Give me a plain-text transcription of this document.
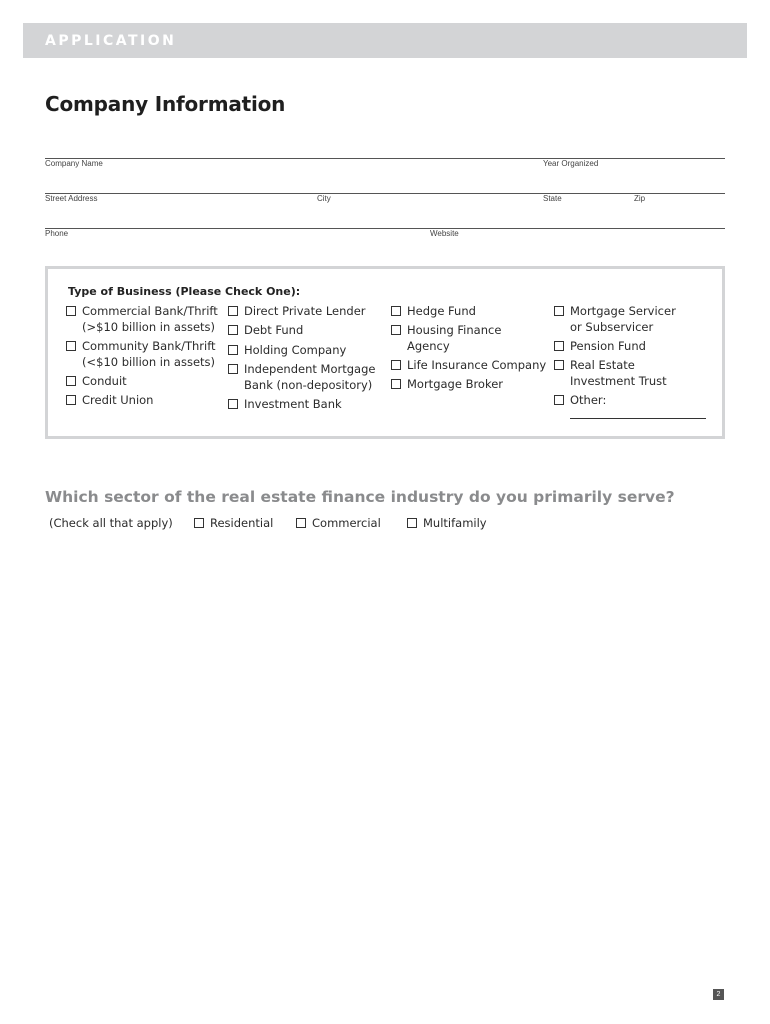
APPLICATION
Company Information
Company Name	Year Organized
Street Address	City	State	Zip
Phone	Website
Type of Business (Please Check One):
Commercial Bank/Thrift
(>$10 billion in assets)
Community Bank/Thrift
(<$10 billion in assets)
Conduit
Credit Union
Direct Private Lender
Debt Fund
Holding Company
Independent Mortgage
Bank (non-depository)
Investment Bank
Hedge Fund
Housing Finance
Agency
Life Insurance Company
Mortgage Broker
Mortgage Servicer
or Subservicer
Pension Fund
Real Estate
Investment Trust
Other:
Which sector of the real estate finance industry do you primarily serve?
(Check all that apply)	Residential	Commercial	Multifamily
2
